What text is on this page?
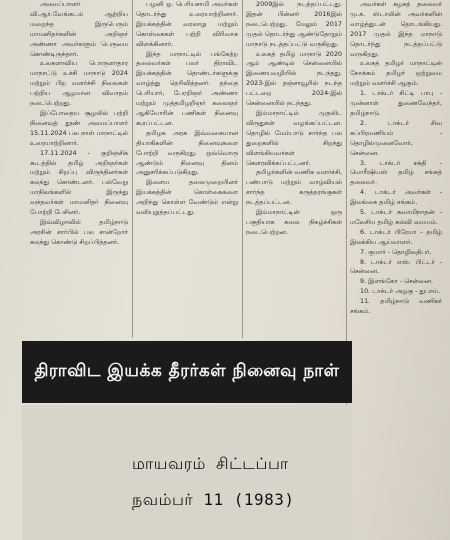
அமைப்பாளர் வி.ஆர்.வேங்கடம் ஆற்றிய மறைந்த இருபெரும் மாமனிதர்களின் அறிஞர் அண்ணா அவர்களும் பெருமை கொண்டிருந்தார்.

உலகளாவிய பொருளாதார மாநாட்டு உச்சி மாநாடு 2024 மற்றும் பிற வளர்ச்சி நிலைகள் பற்றிய ஆழமான விவாதம் நடைபெற்றது.

இப்போதைய சூழலில் பற்றி நினைவுத் தூண் அமைப்பாளர் 15.11.2024 பல நாள் மாநாட்டில் உரையாற்றினார்.

17.11.2024 - குறிஞ்சிக் கூடத்தில் தமிழ் அறிஞர்கள் மற்றும் சிறப்பு விருந்தினர்கள் கலந்து கொண்டனர். பல்வேறு மாநிலங்களில் இருந்து வந்தவர்கள் மாமனிதர் நினைவு போற்றி பேசினர்.

இவ்விழாவில் தமிழ்நாடு அரசின் சார்பில் பல சான்றோர் கலந்து கொண்டு சிறப்பித்தனர்.

பழனி ஓ. பெரியசாமி அவர்கள் தொடர்ந்து உரையாற்றினார். இயக்கத்தின் வரலாறு மற்றும் கொள்கைகள் பற்றி விரிவாக விளக்கினார்.

இந்த மாநாட்டில் பங்கேற்ற தலைவர்கள் பலர் திராவிட இயக்கத்தின் தொண்டர்களுக்கு வாழ்த்து தெரிவித்தனர். தந்தை பெரியார், பேரறிஞர் அண்ணா மற்றும் முத்தமிழறிஞர் கலைஞர் ஆகியோரின் பணிகள் நினைவு கூரப்பட்டன.

தமிழக அரசு இவ்வகையான தியாகிகளின் நினைவுகளை போற்றி வருகிறது. ஒவ்வொரு ஆண்டும் நினைவு தினம் அனுசரிக்கப்படுகிறது.

இளைய தலைமுறையினர் இயக்கத்தின் கொள்கைகளை அறிந்து கொள்ள வேண்டும் என்று வலியுறுத்தப்பட்டது.

2009இல் நடத்தப்பட்டது. இதன் பின்னர் 2016இல் நடைபெற்றது. மேலும் 2017 முதல் தொடர்ந்து ஆண்டுதோறும் மாநாடு நடத்தப்பட்டு வருகிறது.

உலகத் தமிழ் மாநாடு 2020 ஆம் ஆண்டில் சென்னையில் இணையவழியில் நடந்தது. 2023-இல் தஞ்சாவூரில் நடந்த பட்டறை 2024-இல் சென்னையில் நடந்தது.

இம்மாநாட்டில் முதலிட விருதுகள் வழங்கப்பட்டன. தொழில் மேம்பாடு சார்ந்த பல துறைகளில் சிறந்து விளங்கியவர்கள் கௌரவிக்கப்பட்டனர்.

தமிழர்களின் வணிக வளர்ச்சி, பண்பாடு மற்றும் வாழ்வியல் சார்ந்த கருத்தரங்குகள் நடத்தப்பட்டன.

இம்மாநாட்டின் ஒரு பகுதியாக கலை நிகழ்ச்சிகள் நடைபெற்றன.

அவர்கள் கழகத் தலைவர் மு.க. ஸ்டாலின் அவர்களின் வாழ்த்துடன் தொடங்கியது. 2017 முதல் இந்த மாநாடு தொடர்ந்து நடத்தப்பட்டு வருகிறது.

உலகத் தமிழர் மாநாட்டின் நோக்கம் தமிழர் ஒற்றுமை மற்றும் வளர்ச்சி ஆகும்.

1. டாக்டர் சிட்டி பாபு - முன்னாள் துணைவேந்தர், தமிழ்நாடு.

2. டாக்டர் சிவ சுப்பிரமணியம் - தொழில்முனைவோர், சென்னை.

3. டாக்டர் சக்தி - மொரீஷியஸ் தமிழ் சங்கத் தலைவர்.

4. டாக்டர் அவர்கள் - இலங்கை தமிழ் சங்கம்.

5. டாக்டர் சுவாமிநாதன் - மலேசிய தமிழ் கல்வி மையம்.

6. டாக்டர் பிரேமா - தமிழ் இலக்கிய ஆய்வாளர்.

7. குமார் - தொழிலதிபர்.

8. டாக்டர் எஸ். பிட்டர் - சென்னை.

9. இளங்கோ - சென்னை.

10. டாக்டர் அழகு - துபாய்.

11. தமிழ்நாடு வணிகர் சங்கம்.

திராவிட இயக்க தீரர்கள் நினைவு நாள்
மாயவரம் சிட்டப்பா
நவம்பர் 11 (1983)
